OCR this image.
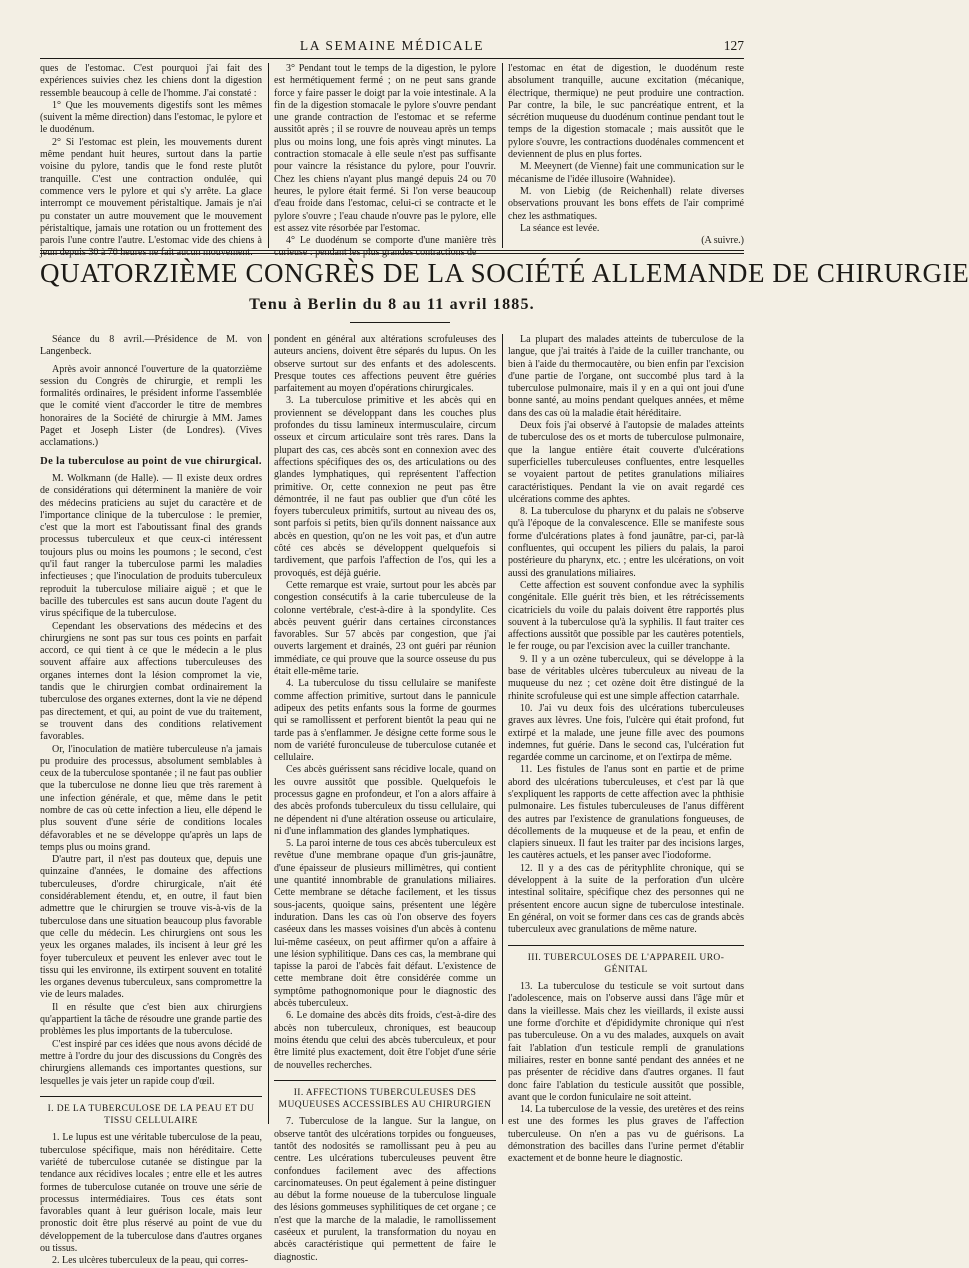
LA SEMAINE MÉDICALE	127

ques de l'estomac. C'est pourquoi j'ai fait des expériences suivies chez les chiens dont la digestion ressemble beaucoup à celle de l'homme. J'ai constaté :

1° Que les mouvements digestifs sont les mêmes (suivent la même direction) dans l'estomac, le pylore et le duodénum.

2° Si l'estomac est plein, les mouvements durent même pendant huit heures, surtout dans la partie voisine du pylore, tandis que le fond reste plutôt tranquille. C'est une contraction ondulée, qui commence vers le pylore et qui s'y arrête. La glace interrompt ce mouvement péristaltique. Jamais je n'ai pu constater un autre mouvement que le mouvement péristaltique, jamais une rotation ou un frottement des parois l'une contre l'autre. L'estomac vide des chiens à jeun depuis 30 à 70 heures ne fait aucun mouvement.

3° Pendant tout le temps de la digestion, le pylore est hermétiquement fermé ; on ne peut sans grande force y faire passer le doigt par la voie intestinale. A la fin de la digestion stomacale le pylore s'ouvre pendant une grande contraction de l'estomac et se referme aussitôt après ; il se rouvre de nouveau après un temps plus ou moins long, une fois après vingt minutes. La contraction stomacale à elle seule n'est pas suffisante pour vaincre la résistance du pylore, pour l'ouvrir. Chez les chiens n'ayant plus mangé depuis 24 ou 70 heures, le pylore était fermé. Si l'on verse beaucoup d'eau froide dans l'estomac, celui-ci se contracte et le pylore s'ouvre ; l'eau chaude n'ouvre pas le pylore, elle est assez vite résorbée par l'estomac.

4° Le duodénum se comporte d'une manière très curieuse : pendant les plus grandes contractions de

l'estomac en état de digestion, le duodénum reste absolument tranquille, aucune excitation (mécanique, électrique, thermique) ne peut produire une contraction. Par contre, la bile, le suc pancréatique entrent, et la sécrétion muqueuse du duodénum continue pendant tout le temps de la digestion stomacale ; mais aussitôt que le pylore s'ouvre, les contractions duodénales commencent et deviennent de plus en plus fortes.

M. Meeynert (de Vienne) fait une communication sur le mécanisme de l'idée illusoire (Wahnidee).

M. von Liebig (de Reichenhall) relate diverses observations prouvant les bons effets de l'air comprimé chez les asthmatiques.

La séance est levée.

(A suivre.)

QUATORZIÈME CONGRÈS DE LA SOCIÉTÉ ALLEMANDE DE CHIRURGIE
Tenu à Berlin du 8 au 11 avril 1885.

Séance du 8 avril.—Présidence de M. von Langenbeck.

Après avoir annoncé l'ouverture de la quatorzième session du Congrès de chirurgie, et rempli les formalités ordinaires, le président informe l'assemblée que le comité vient d'accorder le titre de membres honoraires de la Société de chirurgie à MM. James Paget et Joseph Lister (de Londres). (Vives acclamations.)

De la tuberculose au point de vue chirurgical.

M. Wolkmann (de Halle). — Il existe deux ordres de considérations qui déterminent la manière de voir des médecins praticiens au sujet du caractère et de l'importance clinique de la tuberculose : le premier, c'est que la mort est l'aboutissant final des grands processus tuberculeux et que ceux-ci intéressent toujours plus ou moins les poumons ; le second, c'est qu'il faut ranger la tuberculose parmi les maladies infectieuses ; que l'inoculation de produits tuberculeux reproduit la tuberculose miliaire aiguë ; et que le bacille des tubercules est sans aucun doute l'agent du virus spécifique de la tuberculose.

Cependant les observations des médecins et des chirurgiens ne sont pas sur tous ces points en parfait accord, ce qui tient à ce que le médecin a le plus souvent affaire aux affections tuberculeuses des organes internes dont la lésion compromet la vie, tandis que le chirurgien combat ordinairement la tuberculose des organes externes, dont la vie ne dépend pas directement, et qui, au point de vue du traitement, se trouvent dans des conditions relativement favorables.

Or, l'inoculation de matière tuberculeuse n'a jamais pu produire des processus, absolument semblables à ceux de la tuberculose spontanée ; il ne faut pas oublier que la tuberculose ne donne lieu que très rarement à une infection générale, et que, même dans le petit nombre de cas où cette infection a lieu, elle dépend le plus souvent d'une série de conditions locales défavorables et ne se développe qu'après un laps de temps plus ou moins grand.

D'autre part, il n'est pas douteux que, depuis une quinzaine d'années, le domaine des affections tuberculeuses, d'ordre chirurgicale, n'ait été considérablement étendu, et, en outre, il faut bien admettre que le chirurgien se trouve vis-à-vis de la tuberculose dans une situation beaucoup plus favorable que celle du médecin. Les chirurgiens ont sous les yeux les organes malades, ils incisent à leur gré les foyer tuberculeux et peuvent les enlever avec tout le tissu qui les environne, ils extirpent souvent en totalité les organes devenus tuberculeux, sans compromettre la vie de leurs malades.

Il en résulte que c'est bien aux chirurgiens qu'appartient la tâche de résoudre une grande partie des problèmes les plus importants de la tuberculose.

C'est inspiré par ces idées que nous avons décidé de mettre à l'ordre du jour des discussions du Congrès des chirurgiens allemands ces importantes questions, sur lesquelles je vais jeter un rapide coup d'œil.

I. DE LA TUBERCULOSE DE LA PEAU ET DU TISSU CELLULAIRE

1. Le lupus est une véritable tuberculose de la peau, tuberculose spécifique, mais non héréditaire. Cette variété de tuberculose cutanée se distingue par la tendance aux récidives locales ; entre elle et les autres formes de tuberculose cutanée on trouve une série de processus intermédiaires. Tous ces états sont favorables quant à leur guérison locale, mais leur pronostic doit être plus réservé au point de vue du développement de la tuberculose dans d'autres organes ou tissus.

2. Les ulcères tuberculeux de la peau, qui corres-

pondent en général aux altérations scrofuleuses des auteurs anciens, doivent être séparés du lupus. On les observe surtout sur des enfants et des adolescents. Presque toutes ces affections peuvent être guéries parfaitement au moyen d'opérations chirurgicales.

3. La tuberculose primitive et les abcès qui en proviennent se développant dans les couches plus profondes du tissu lamineux intermusculaire, circum osseux et circum articulaire sont très rares. Dans la plupart des cas, ces abcès sont en connexion avec des affections spécifiques des os, des articulations ou des glandes lymphatiques, qui représentent l'affection primitive. Or, cette connexion ne peut pas être démontrée, il ne faut pas oublier que d'un côté les foyers tuberculeux primitifs, surtout au niveau des os, sont parfois si petits, bien qu'ils donnent naissance aux abcès en question, qu'on ne les voit pas, et d'un autre côté ces abcès se développent quelquefois si tardivement, que parfois l'affection de l'os, qui les a provoqués, est déjà guérie.

Cette remarque est vraie, surtout pour les abcès par congestion consécutifs à la carie tuberculeuse de la colonne vertébrale, c'est-à-dire à la spondylite. Ces abcès peuvent guérir dans certaines circonstances favorables. Sur 57 abcès par congestion, que j'ai ouverts largement et drainés, 23 ont guéri par réunion immédiate, ce qui prouve que la source osseuse du pus était elle-même tarie.

4. La tuberculose du tissu cellulaire se manifeste comme affection primitive, surtout dans le pannicule adipeux des petits enfants sous la forme de gourmes qui se ramollissent et perforent bientôt la peau qui ne tarde pas à s'enflammer. Je désigne cette forme sous le nom de variété furonculeuse de tuberculose cutanée et cellulaire.

Ces abcès guérissent sans récidive locale, quand on les ouvre aussitôt que possible. Quelquefois le processus gagne en profondeur, et l'on a alors affaire à des abcès profonds tuberculeux du tissu cellulaire, qui ne dépendent ni d'une altération osseuse ou articulaire, ni d'une inflammation des glandes lymphatiques.

5. La paroi interne de tous ces abcès tuberculeux est revêtue d'une membrane opaque d'un gris-jaunâtre, d'une épaisseur de plusieurs millimètres, qui contient une quantité innombrable de granulations miliaires. Cette membrane se détache facilement, et les tissus sous-jacents, quoique sains, présentent une légère induration. Dans les cas où l'on observe des foyers caséeux dans les masses voisines d'un abcès à contenu lui-même caséeux, on peut affirmer qu'on a affaire à une lésion syphilitique. Dans ces cas, la membrane qui tapisse la paroi de l'abcès fait défaut. L'existence de cette membrane doit être considérée comme un symptôme pathognomonique pour le diagnostic des abcès tuberculeux.

6. Le domaine des abcès dits froids, c'est-à-dire des abcès non tuberculeux, chroniques, est beaucoup moins étendu que celui des abcès tuberculeux, et pour être limité plus exactement, doit être l'objet d'une série de nouvelles recherches.

II. AFFECTIONS TUBERCULEUSES DES MUQUEUSES ACCESSIBLES AU CHIRURGIEN

7. Tuberculose de la langue. Sur la langue, on observe tantôt des ulcérations torpides ou fongueuses, tantôt des nodosités se ramollissant peu à peu au centre. Les ulcérations tuberculeuses peuvent être confondues facilement avec des affections carcinomateuses. On peut également à peine distinguer au début la forme noueuse de la tuberculose linguale des lésions gommeuses syphilitiques de cet organe ; ce n'est que la marche de la maladie, le ramollissement caséeux et purulent, la transformation du noyau en abcès caractéristique qui permettent de faire le diagnostic.

La plupart des malades atteints de tuberculose de la langue, que j'ai traités à l'aide de la cuiller tranchante, ou bien à l'aide du thermocautère, ou bien enfin par l'excision d'une partie de l'organe, ont succombé plus tard à la tuberculose pulmonaire, mais il y en a qui ont joui d'une bonne santé, au moins pendant quelques années, et même dans des cas où la maladie était héréditaire.

Deux fois j'ai observé à l'autopsie de malades atteints de tuberculose des os et morts de tuberculose pulmonaire, que la langue entière était couverte d'ulcérations superficielles tuberculeuses confluentes, entre lesquelles se voyaient partout de petites granulations miliaires caractéristiques. Pendant la vie on avait regardé ces ulcérations comme des aphtes.

8. La tuberculose du pharynx et du palais ne s'observe qu'à l'époque de la convalescence. Elle se manifeste sous forme d'ulcérations plates à fond jaunâtre, par-ci, par-là confluentes, qui occupent les piliers du palais, la paroi postérieure du pharynx, etc. ; entre les ulcérations, on voit aussi des granulations miliaires.

Cette affection est souvent confondue avec la syphilis congénitale. Elle guérit très bien, et les rétrécissements cicatriciels du voile du palais doivent être rapportés plus souvent à la tuberculose qu'à la syphilis. Il faut traiter ces affections aussitôt que possible par les cautères potentiels, le fer rouge, ou par l'excision avec la cuiller tranchante.

9. Il y a un ozène tuberculeux, qui se développe à la base de véritables ulcères tuberculeux au niveau de la muqueuse du nez ; cet ozène doit être distingué de la rhinite scrofuleuse qui est une simple affection catarrhale.

10. J'ai vu deux fois des ulcérations tuberculeuses graves aux lèvres. Une fois, l'ulcère qui était profond, fut extirpé et la malade, une jeune fille avec des poumons indemnes, fut guérie. Dans le second cas, l'ulcération fut regardée comme un carcinome, et on l'extirpa de même.

11. Les fistules de l'anus sont en partie et de prime abord des ulcérations tuberculeuses, et c'est par là que s'expliquent les rapports de cette affection avec la phthisie pulmonaire. Les fistules tuberculeuses de l'anus diffèrent des autres par l'existence de granulations fongueuses, de décollements de la muqueuse et de la peau, et enfin de clapiers sinueux. Il faut les traiter par des incisions larges, les cautères actuels, et les panser avec l'iodoforme.

12. Il y a des cas de pérityphlite chronique, qui se développent à la suite de la perforation d'un ulcère intestinal solitaire, spécifique chez des personnes qui ne présentent encore aucun signe de tuberculose intestinale. En général, on voit se former dans ces cas de grands abcès tuberculeux avec granulations de même nature.

III. TUBERCULOSES DE L'APPAREIL URO-GÉNITAL

13. La tuberculose du testicule se voit surtout dans l'adolescence, mais on l'observe aussi dans l'âge mûr et dans la vieillesse. Mais chez les vieillards, il existe aussi une forme d'orchite et d'épididymite chronique qui n'est pas tuberculeuse. On a vu des malades, auxquels on avait fait l'ablation d'un testicule rempli de granulations miliaires, rester en bonne santé pendant des années et ne pas présenter de récidive dans d'autres organes. Il faut donc faire l'ablation du testicule aussitôt que possible, avant que le cordon funiculaire ne soit atteint.

14. La tuberculose de la vessie, des uretères et des reins est une des formes les plus graves de l'affection tuberculeuse. On n'en a pas vu de guérisons. La démonstration des bacilles dans l'urine permet d'établir exactement et de bonne heure le diagnostic.
